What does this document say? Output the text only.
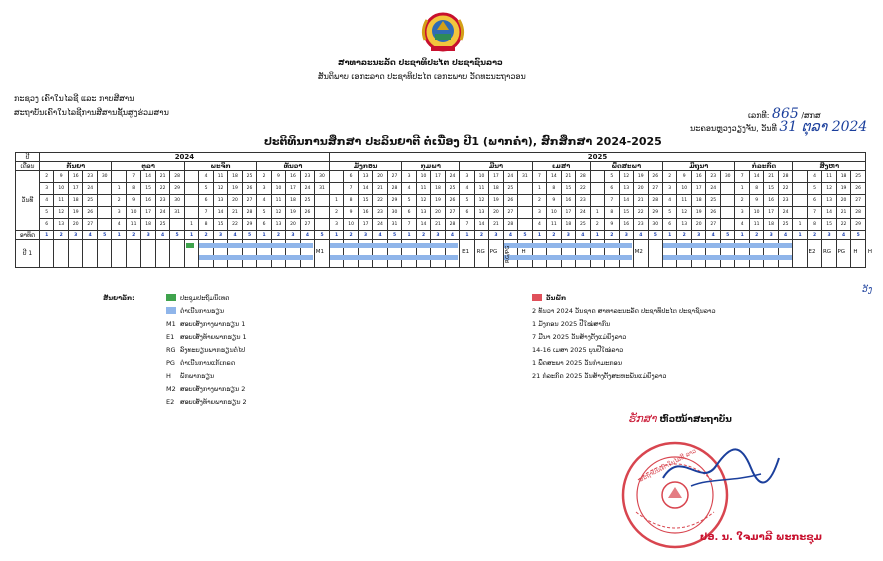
ສາທາລະນະລັດ ປະຊາທິປະໄຕ ປະຊາຊົນລາວ
ສັນຕິພາບ ເອກະລາດ ປະຊາທິປະໄຕ ເອກະພາບ ວັດທະນະຖາວອນ
ກະຊວງ ເຄົາໃນໄລຊີ ແລະ ກາບສີສານ
ສະຖາບັນເຄົາໃນໄລຊີການສີສານຊັ້ນສູງຮ່ວມສານ	ເລກທີ: 865 /ສກສ
ນະຄອນຫຼວງວຽງຈັນ, ວັນທີ 31 ຕຸລາ 2024
ປະຕິທິນການສຶກສາ ປະລິນຍາຕີ ຕໍ່ເນື່ອງ ປີ1 (ພາກຄໍ່າ), ສົກສຶກສາ 2024-2025
ປີ	2024																				2025																																				
ເດືອນ	ກັນຍາ					ຕຸລາ					ພະຈິກ					ທັນວາ					ມັງກອນ					ກຸມພາ				ມີນາ					ເມສາ				ພຶດສະພາ					ມິຖຸນາ					ກໍລະກົດ				ສິງຫາ				
ວັນທີ	2	9	16	23	30		7	14	21	28		4	11	18	25	2	9	16	23	30		6	13	20	27	3	10	17	24	3	10	17	24	31	7	14	21	28		5	12	19	26	2	9	16	23	30	7	14	21	28		4	11	18	25
	3	10	17	24		1	8	15	22	29		5	12	19	26	3	10	17	24	31		7	14	21	28	4	11	18	25	4	11	18	25		1	8	15	22		6	13	20	27	3	10	17	24		1	8	15	22		5	12	19	26
	4	11	18	25		2	9	16	23	30		6	13	20	27	4	11	18	25		1	8	15	22	29	5	12	19	26	5	12	19	26		2	9	16	23		7	14	21	28	4	11	18	25		2	9	16	23		6	13	20	27
	5	12	19	26		3	10	17	24	31		7	14	21	28	5	12	19	26		2	9	16	23	30	6	13	20	27	6	13	20	27		3	10	17	24	1	8	15	22	29	5	12	19	26		3	10	17	24		7	14	21	28
	6	13	20	27		4	11	18	25		1	8	15	22	29	6	13	20	27		3	10	17	24	31	7	14	21	28	7	14	21	28		4	11	18	25	2	9	16	23	30	6	13	20	27		4	11	18	25	1	8	15	22	29
ອາທິດ	1	2	3	4	5	1	2	3	4	5	1	2	3	4	5	1	2	3	4	5	1	2	3	4	5	1	2	3	4	1	2	3	4	5	1	2	3	4	1	2	3	4	5	1	2	3	4	5	1	2	3	4	1	2	3	4	5
ປີ 1																																																										M1	E1 RG PG	H	M2	E2 RG PG H H
RG/PG
ວັງ
ສັນຍາລັກ:	ປະຊຸມປະຖົມນິເທດ
ດຳເນີນການຮຽນ
M1 ສອບເສັງກາງພາກຮຽນ 1
E1 ສອບເສັງທ້າຍພາກຮຽນ 1
RG ລົງທະບຽນພາກຮຽນຕໍ່ໄປ
PG ດຳເນີນການແກ້ເກຣດ
H ພັກພາກຮຽນ
M2 ສອບເສັງກາງພາກຮຽນ 2
E2 ສອບເສັງທ້າຍພາກຮຽນ 2
ວັນພັກ
2 ທັນວາ 2024 ວັນຊາດ ສາທາລະນະລັດ ປະຊາທິປະໄຕ ປະຊາຊົນລາວ
1 ມັງກອນ 2025 ປີໃໝ່ສາກົນ
7 ມີນາ 2025 ວັນສ້າງຕັ້ງແມ່ຍິງລາວ
14-16 ເມສາ 2025 ບຸນປີໃໝ່ລາວ
1 ພຶດສະພາ 2025 ວັນກຳມະກອນ
21 ກໍລະກົດ 2025 ວັນສ້າງຕັ້ງສະຫະພັນແມ່ຍິງລາວ
ຮັກສາ ຫົວໜ້າສະຖາບັນ
ສະຖາບັນເຄົາໃນໄລຊີ ລາວ
ປອ. ນ. ໃຈມາລີ ພະກະຊຸມ
